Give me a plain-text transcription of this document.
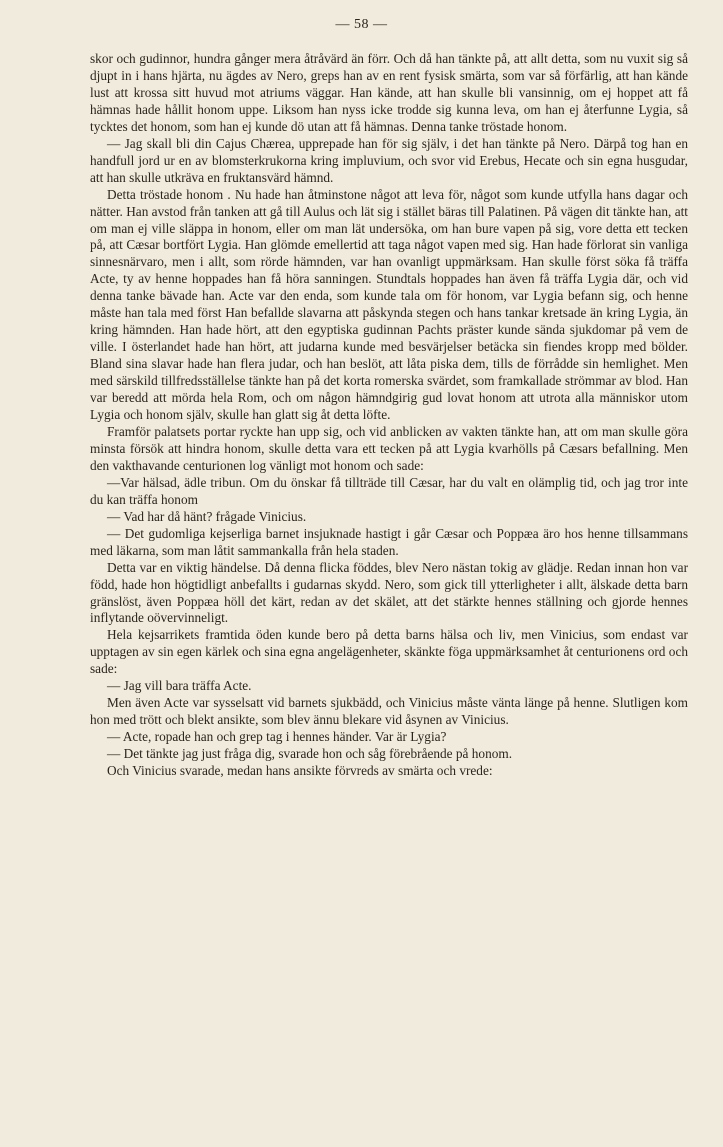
— 58 —

skor och gudinnor, hundra gånger mera åtråvärd än förr. Och då han tänkte på, att allt detta, som nu vuxit sig så djupt in i hans hjärta, nu ägdes av Nero, greps han av en rent fysisk smärta, som var så förfärlig, att han kände lust att krossa sitt huvud mot atriums väggar. Han kände, att han skulle bli vansinnig, om ej hoppet att få hämnas hade hållit honom uppe. Liksom han nyss icke trodde sig kunna leva, om han ej återfunne Lygia, så tycktes det honom, som han ej kunde dö utan att få hämnas. Denna tanke tröstade honom.

— Jag skall bli din Cajus Chærea, upprepade han för sig själv, i det han tänkte på Nero. Därpå tog han en handfull jord ur en av blomsterkrukorna kring impluvium, och svor vid Erebus, Hecate och sin egna husgudar, att han skulle utkräva en fruktansvärd hämnd.

Detta tröstade honom . Nu hade han åtminstone något att leva för, något som kunde utfylla hans dagar och nätter. Han avstod från tanken att gå till Aulus och lät sig i stället bäras till Palatinen. På vägen dit tänkte han, att om man ej ville släppa in honom, eller om man lät undersöka, om han bure vapen på sig, vore detta ett tecken på, att Cæsar bortfört Lygia. Han glömde emellertid att taga något vapen med sig. Han hade förlorat sin vanliga sinnesnärvaro, men i allt, som rörde hämnden, var han ovanligt uppmärksam. Han skulle först söka få träffa Acte, ty av henne hoppades han få höra sanningen. Stundtals hoppades han även få träffa Lygia där, och vid denna tanke bävade han. Acte var den enda, som kunde tala om för honom, var Lygia befann sig, och henne måste han tala med först Han befallde slavarna att påskynda stegen och hans tankar kretsade än kring Lygia, än kring hämnden. Han hade hört, att den egyptiska gudinnan Pachts präster kunde sända sjukdomar på vem de ville. I österlandet hade han hört, att judarna kunde med besvärjelser betäcka sin fiendes kropp med bölder. Bland sina slavar hade han flera judar, och han beslöt, att låta piska dem, tills de förrådde sin hemlighet. Men med särskild tillfredsställelse tänkte han på det korta romerska svärdet, som framkallade strömmar av blod. Han var beredd att mörda hela Rom, och om någon hämndgirig gud lovat honom att utrota alla människor utom Lygia och honom själv, skulle han glatt sig åt detta löfte.

Framför palatsets portar ryckte han upp sig, och vid anblicken av vakten tänkte han, att om man skulle göra minsta försök att hindra honom, skulle detta vara ett tecken på att Lygia kvarhölls på Cæsars befallning. Men den vakthavande centurionen log vänligt mot honom och sade:

—Var hälsad, ädle tribun. Om du önskar få tillträde till Cæsar, har du valt en olämplig tid, och jag tror inte du kan träffa honom

— Vad har då hänt? frågade Vinicius.

— Det gudomliga kejserliga barnet insjuknade hastigt i går Cæsar och Poppæa äro hos henne tillsammans med läkarna, som man låtit sammankalla från hela staden.

Detta var en viktig händelse. Då denna flicka föddes, blev Nero nästan tokig av glädje. Redan innan hon var född, hade hon högtidligt anbefallts i gudarnas skydd. Nero, som gick till ytterligheter i allt, älskade detta barn gränslöst, även Poppæa höll det kärt, redan av det skälet, att det stärkte hennes ställning och gjorde hennes inflytande oövervinneligt.

Hela kejsarrikets framtida öden kunde bero på detta barns hälsa och liv, men Vinicius, som endast var upptagen av sin egen kärlek och sina egna angelägenheter, skänkte föga uppmärksamhet åt centurionens ord och sade:

— Jag vill bara träffa Acte.

Men även Acte var sysselsatt vid barnets sjukbädd, och Vinicius måste vänta länge på henne. Slutligen kom hon med trött och blekt ansikte, som blev ännu blekare vid åsynen av Vinicius.

— Acte, ropade han och grep tag i hennes händer. Var är Lygia?

— Det tänkte jag just fråga dig, svarade hon och såg förebrående på honom.

Och Vinicius svarade, medan hans ansikte förvreds av smärta och vrede:
